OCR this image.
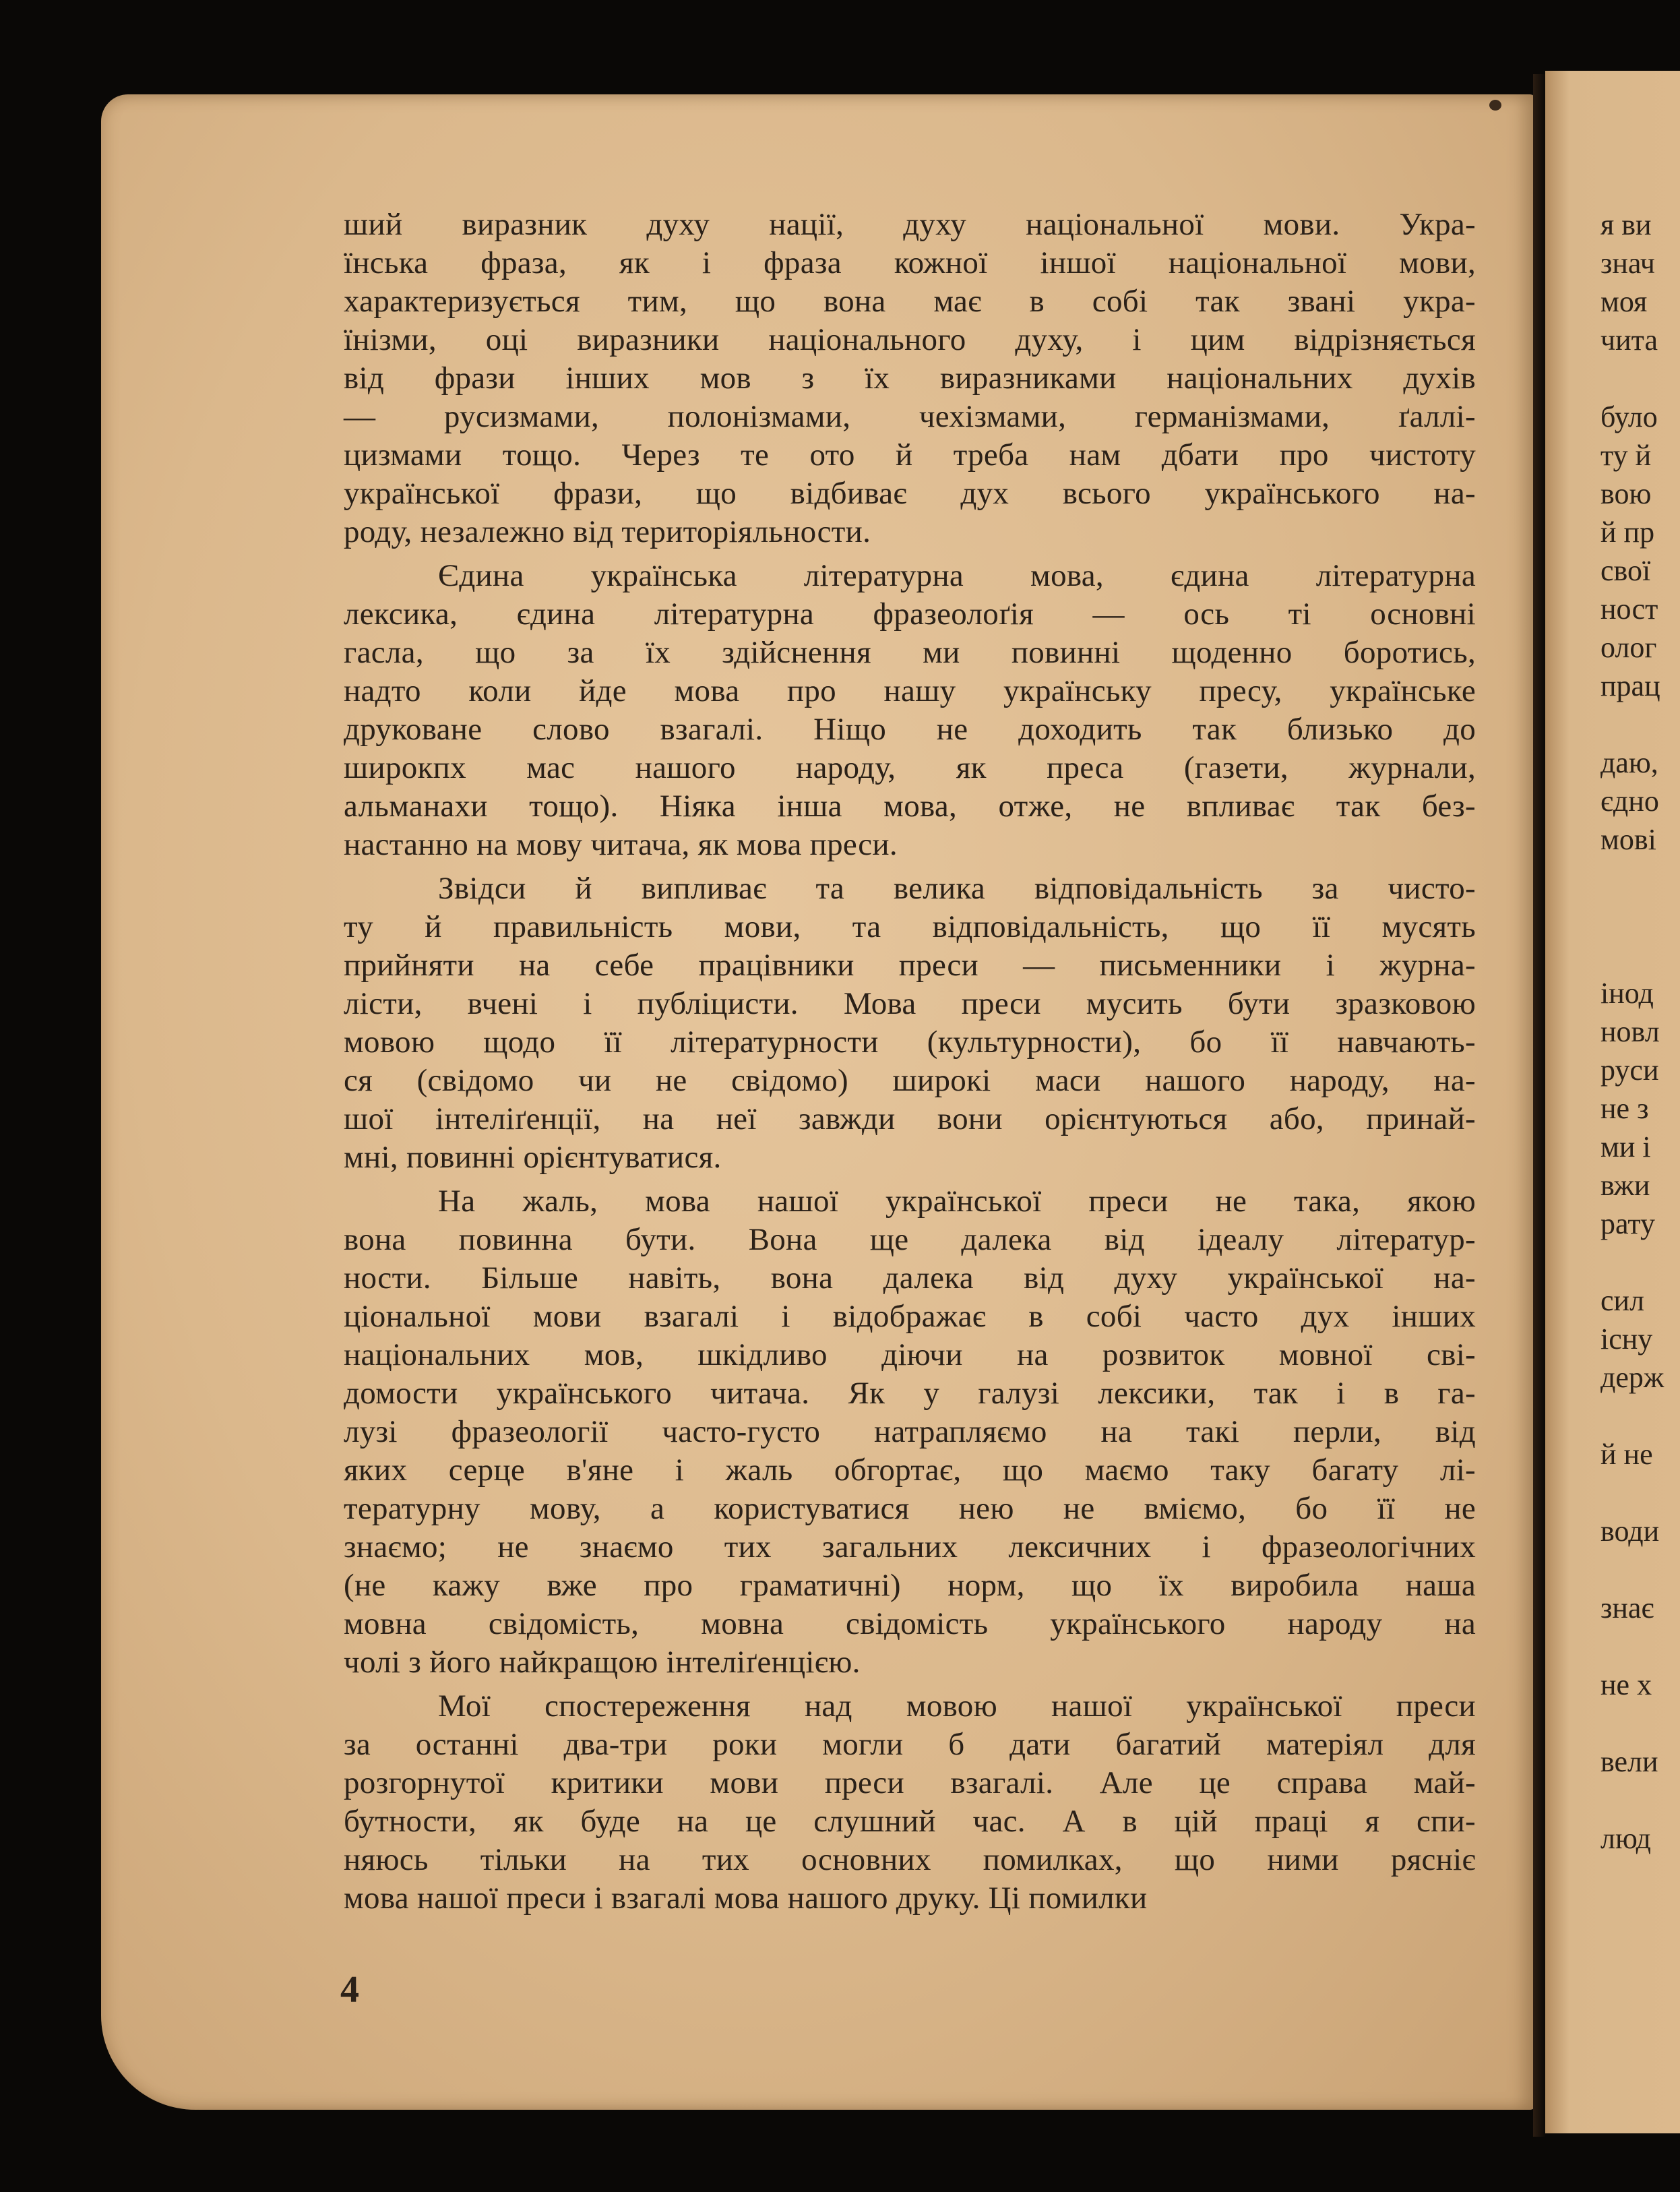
ший виразник духу нації, духу національної мови. Укра-
їнська фраза, як і фраза кожної іншої національної мови,
характеризується тим, що вона має в собі так звані укра-
їнізми, оці виразники національного духу, і цим відрізняється
від фрази інших мов з їх виразниками національних духів
— русизмами, полонізмами, чехізмами, германізмами, ґаллі-
цизмами тощо. Через те ото й треба нам дбати про чистоту
української фрази, що відбиває дух всього українського на-
роду, незалежно від територіяльности.
Єдина українська літературна мова, єдина літературна
лексика, єдина літературна фразеолоґія — ось ті основні
гасла, що за їх здійснення ми повинні щоденно боротись,
надто коли йде мова про нашу українську пресу, українське
друковане слово взагалі. Ніщо не доходить так близько до
широкпх мас нашого народу, як преса (газети, журнали,
альманахи тощо). Ніяка інша мова, отже, не впливає так без-
настанно на мову читача, як мова преси.
Звідси й випливає та велика відповідальність за чисто-
ту й правильність мови, та відповідальність, що її мусять
прийняти на себе працівники преси — письменники і журна-
лісти, вчені і публіцисти. Мова преси мусить бути зразковою
мовою щодо її літературности (культурности), бо її навчають-
ся (свідомо чи не свідомо) широкі маси нашого народу, на-
шої інтеліґенції, на неї завжди вони орієнтуються або, принай-
мні, повинні орієнтуватися.
На жаль, мова нашої української преси не така, якою
вона повинна бути. Вона ще далека від ідеалу літератур-
ности. Більше навіть, вона далека від духу української на-
ціональної мови взагалі і відображає в собі часто дух інших
національних мов, шкідливо діючи на розвиток мовної сві-
домости українського читача. Як у галузі лексики, так і в га-
лузі фразеології часто-густо натрапляємо на такі перли, від
яких серце в'яне і жаль обгортає, що маємо таку багату лі-
тературну мову, а користуватися нею не вміємо, бо її не
знаємо; не знаємо тих загальних лексичних і фразеологічних
(не кажу вже про граматичні) норм, що їх виробила наша
мовна свідомість, мовна свідомість українського народу на
чолі з його найкращою інтеліґенцією.
Мої спостереження над мовою нашої української преси
за останні два-три роки могли б дати багатий матеріял для
розгорнутої критики мови преси взагалі. Але це справа май-
бутности, як буде на це слушний час. А в цій праці я спи-
няюсь тільки на тих основних помилках, що ними рясніє
мова нашої преси і взагалі мова нашого друку. Ці помилки
4
я ви
знач
моя
чита
було
ту й
вою
й пр
свої
ност
олог
прац
даю,
єдно
мові
інод
новл
руси
не з
ми і
вжи
рату
сил
існу
держ
й не
води
знає
не х
вели
люд
